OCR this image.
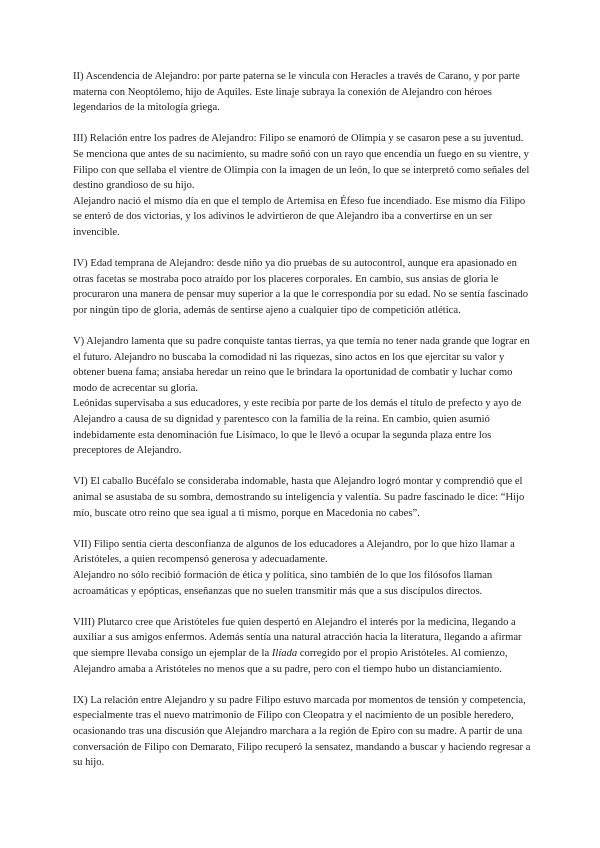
II) Ascendencia de Alejandro: por parte paterna se le vincula con Heracles a través de Carano, y por parte materna con Neoptólemo, hijo de Aquiles. Este linaje subraya la conexión de Alejandro con héroes legendarios de la mitología griega.

III) Relación entre los padres de Alejandro: Filipo se enamoró de Olimpia y se casaron pese a su juventud. Se menciona que antes de su nacimiento, su madre soñó con un rayo que encendía un fuego en su vientre, y Filipo con que sellaba el vientre de Olimpia con la imagen de un león, lo que se interpretó como señales del destino grandioso de su hijo.

Alejandro nació el mismo día en que el templo de Artemisa en Éfeso fue incendiado. Ese mismo día Filipo se enteró de dos victorias, y los adivinos le advirtieron de que Alejandro iba a convertirse en un ser invencible.

IV) Edad temprana de Alejandro: desde niño ya dio pruebas de su autocontrol, aunque era apasionado en otras facetas se mostraba poco atraído por los placeres corporales. En cambio, sus ansias de gloria le procuraron una manera de pensar muy superior a la que le correspondía por su edad. No se sentía fascinado por ningún tipo de gloria, además de sentirse ajeno a cualquier tipo de competición atlética.

V) Alejandro lamenta que su padre conquiste tantas tierras, ya que temía no tener nada grande que lograr en el futuro. Alejandro no buscaba la comodidad ni las riquezas, sino actos en los que ejercitar su valor y obtener buena fama; ansiaba heredar un reino que le brindara la oportunidad de combatir y luchar como modo de acrecentar su gloria.

Leónidas supervisaba a sus educadores, y este recibía por parte de los demás el título de prefecto y ayo de Alejandro a causa de su dignidad y parentesco con la familia de la reina. En cambio, quien asumió indebidamente esta denominación fue Lisímaco, lo que le llevó a ocupar la segunda plaza entre los preceptores de Alejandro.

VI) El caballo Bucéfalo se consideraba indomable, hasta que Alejandro logró montar y comprendió que el animal se asustaba de su sombra, demostrando su inteligencia y valentía. Su padre fascinado le dice: “Hijo mío, buscate otro reino que sea igual a ti mismo, porque en Macedonia no cabes”.

VII) Filipo sentía cierta desconfianza de algunos de los educadores a Alejandro, por lo que hizo llamar a Aristóteles, a quien recompensó generosa y adecuadamente.

Alejandro no sólo recibió formación de ética y política, sino también de lo que los filósofos llaman acroamáticas y epópticas, enseñanzas que no suelen transmitir más que a sus discípulos directos.

VIII) Plutarco cree que Aristóteles fue quien despertó en Alejandro el interés por la medicina, llegando a auxiliar a sus amigos enfermos. Además sentía una natural atracción hacia la literatura, llegando a afirmar que siempre llevaba consigo un ejemplar de la Ilíada corregido por el propio Aristóteles. Al comienzo, Alejandro amaba a Aristóteles no menos que a su padre, pero con el tiempo hubo un distanciamiento.

IX) La relación entre Alejandro y su padre Filipo estuvo marcada por momentos de tensión y competencia, especialmente tras el nuevo matrimonio de Filipo con Cleopatra y el nacimiento de un posible heredero, ocasionando tras una discusión que Alejandro marchara a la región de Epiro con su madre. A partir de una conversación de Filipo con Demarato, Filipo recuperó la sensatez, mandando a buscar y haciendo regresar a su hijo.
